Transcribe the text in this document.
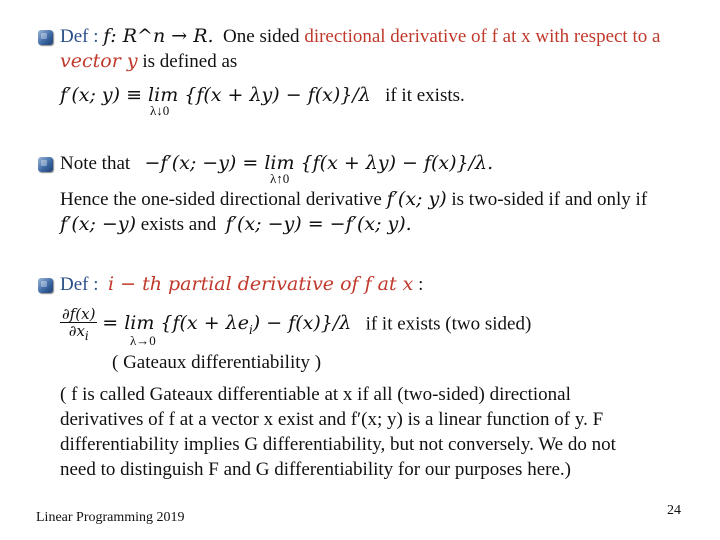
Def : f: R^n → R. One sided directional derivative of f at x with respect to a
vector y is defined as
f′(x; y) ≡ lim {f(x + λy) − f(x)}/λ if it exists.
λ↓0
Note that −f′(x; −y) = lim {f(x + λy) − f(x)}/λ.
λ↑0
Hence the one-sided directional derivative f′(x; y) is two-sided if and only if
f′(x; −y) exists and f′(x; −y) = −f′(x; y).
Def : i − th partial derivative of f at x :
$\frac{\partial f(x)}{\partial x_i} = \lim \{f(x + \lambda e_i) - f(x)\}/\lambda$ if it exists (two sided)
λ→0
( Gateaux differentiability )
( f is called Gateaux differentiable at x if all (two-sided) directional
derivatives of f at a vector x exist and f′(x; y) is a linear function of y. F
differentiability implies G differentiability, but not conversely. We do not
need to distinguish F and G differentiability for our purposes here.)
Linear Programming 2019	24
